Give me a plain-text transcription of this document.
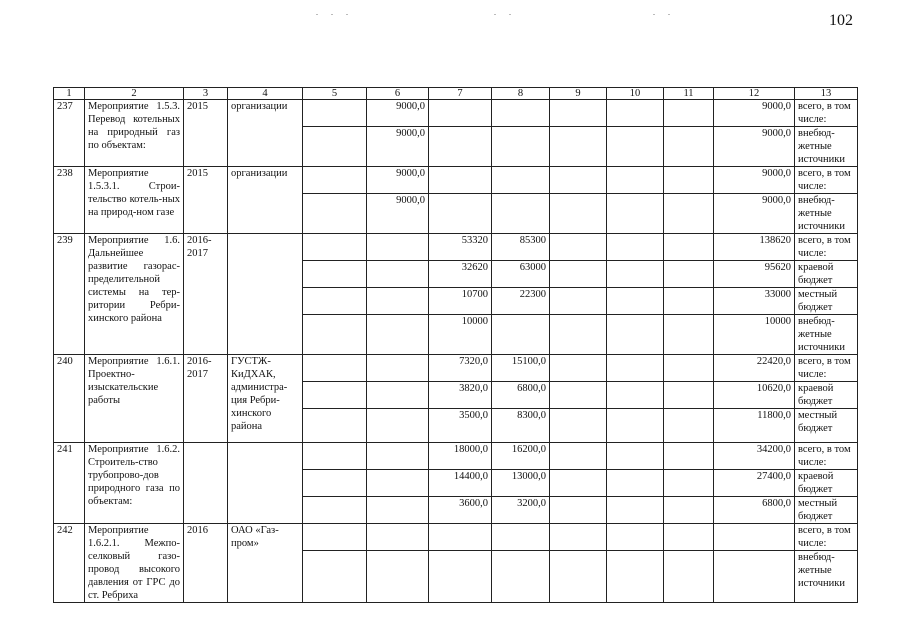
102
1	2	3	4	5	6	7	8	9	10	11	12	13
237	Мероприятие 1.5.3. Перевод котельных на природный газ по объектам:	2015	организации		9000,0						9000,0	всего, в том числе:
					9000,0						9000,0	внебюд-жетные источники
238	Мероприятие 1.5.3.1. Строи-тельство котель-ных на природ-ном газе	2015	организации		9000,0						9000,0	всего, в том числе:
					9000,0						9000,0	внебюд-жетные источники
239	Мероприятие 1.6. Дальнейшее развитие газорас-пределительной системы на тер-ритории Ребри-хинского района	2016-2017				53320	85300				138620	всего, в том числе:
						32620	63000				95620	краевой бюджет
						10700	22300				33000	местный бюджет
						10000					10000	внебюд-жетные источники
240	Мероприятие 1.6.1. Проектно-изыскательские работы	2016-2017	ГУСТЖ-КиДХАК, администра-ция Ребри-хинского района			7320,0	15100,0				22420,0	всего, в том числе:
						3820,0	6800,0				10620,0	краевой бюджет
						3500,0	8300,0				11800,0	местный бюджет
241	Мероприятие 1.6.2. Строитель-ство трубопрово-дов природного газа по объектам:					18000,0	16200,0				34200,0	всего, в том числе:
						14400,0	13000,0				27400,0	краевой бюджет
						3600,0	3200,0				6800,0	местный бюджет
242	Мероприятие 1.6.2.1. Межпо-селковый газо-провод высокого давления от ГРС до ст. Ребриха	2016	ОАО «Газ-пром»									всего, в том числе:
												внебюд-жетные источники
